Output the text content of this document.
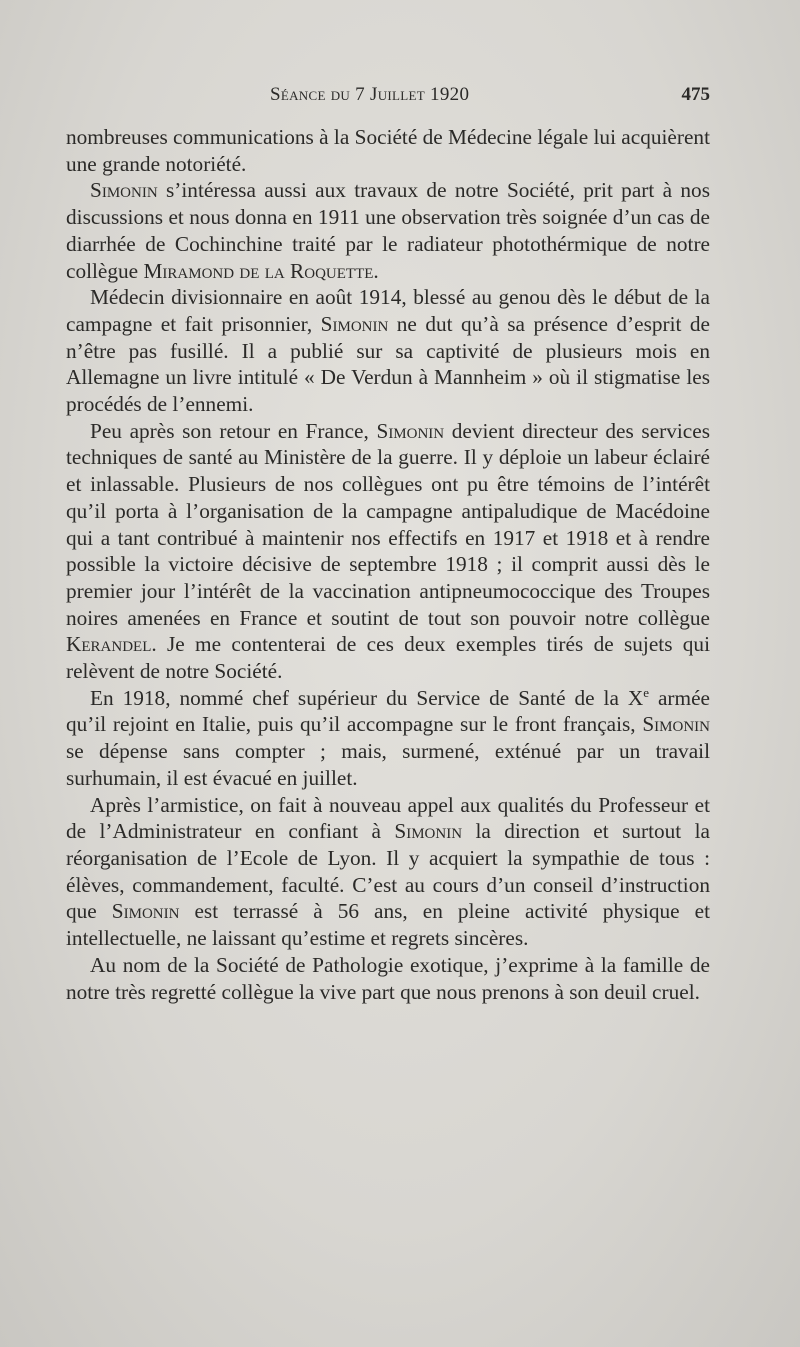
Séance du 7 Juillet 1920	475

nombreuses communications à la Société de Médecine légale lui acquièrent une grande notoriété.

Simonin s’intéressa aussi aux travaux de notre Société, prit part à nos discussions et nous donna en 1911 une observation très soignée d’un cas de diarrhée de Cochinchine traité par le radiateur photothérmique de notre collègue Miramond de la Roquette.

Médecin divisionnaire en août 1914, blessé au genou dès le début de la campagne et fait prisonnier, Simonin ne dut qu’à sa présence d’esprit de n’être pas fusillé. Il a publié sur sa captivité de plusieurs mois en Allemagne un livre intitulé « De Verdun à Mannheim » où il stigmatise les procédés de l’ennemi.

Peu après son retour en France, Simonin devient directeur des services techniques de santé au Ministère de la guerre. Il y déploie un labeur éclairé et inlassable. Plusieurs de nos collègues ont pu être témoins de l’intérêt qu’il porta à l’organisation de la campagne antipaludique de Macédoine qui a tant contribué à maintenir nos effectifs en 1917 et 1918 et à rendre possible la victoire décisive de septembre 1918 ; il comprit aussi dès le premier jour l’intérêt de la vaccination antipneumococcique des Troupes noires amenées en France et soutint de tout son pouvoir notre collègue Kerandel. Je me contenterai de ces deux exemples tirés de sujets qui relèvent de notre Société.

En 1918, nommé chef supérieur du Service de Santé de la Xe armée qu’il rejoint en Italie, puis qu’il accompagne sur le front français, Simonin se dépense sans compter ; mais, surmené, exténué par un travail surhumain, il est évacué en juillet.

Après l’armistice, on fait à nouveau appel aux qualités du Professeur et de l’Administrateur en confiant à Simonin la direction et surtout la réorganisation de l’Ecole de Lyon. Il y acquiert la sympathie de tous : élèves, commandement, faculté. C’est au cours d’un conseil d’instruction que Simonin est terrassé à 56 ans, en pleine activité physique et intellectuelle, ne laissant qu’estime et regrets sincères.

Au nom de la Société de Pathologie exotique, j’exprime à la famille de notre très regretté collègue la vive part que nous prenons à son deuil cruel.
